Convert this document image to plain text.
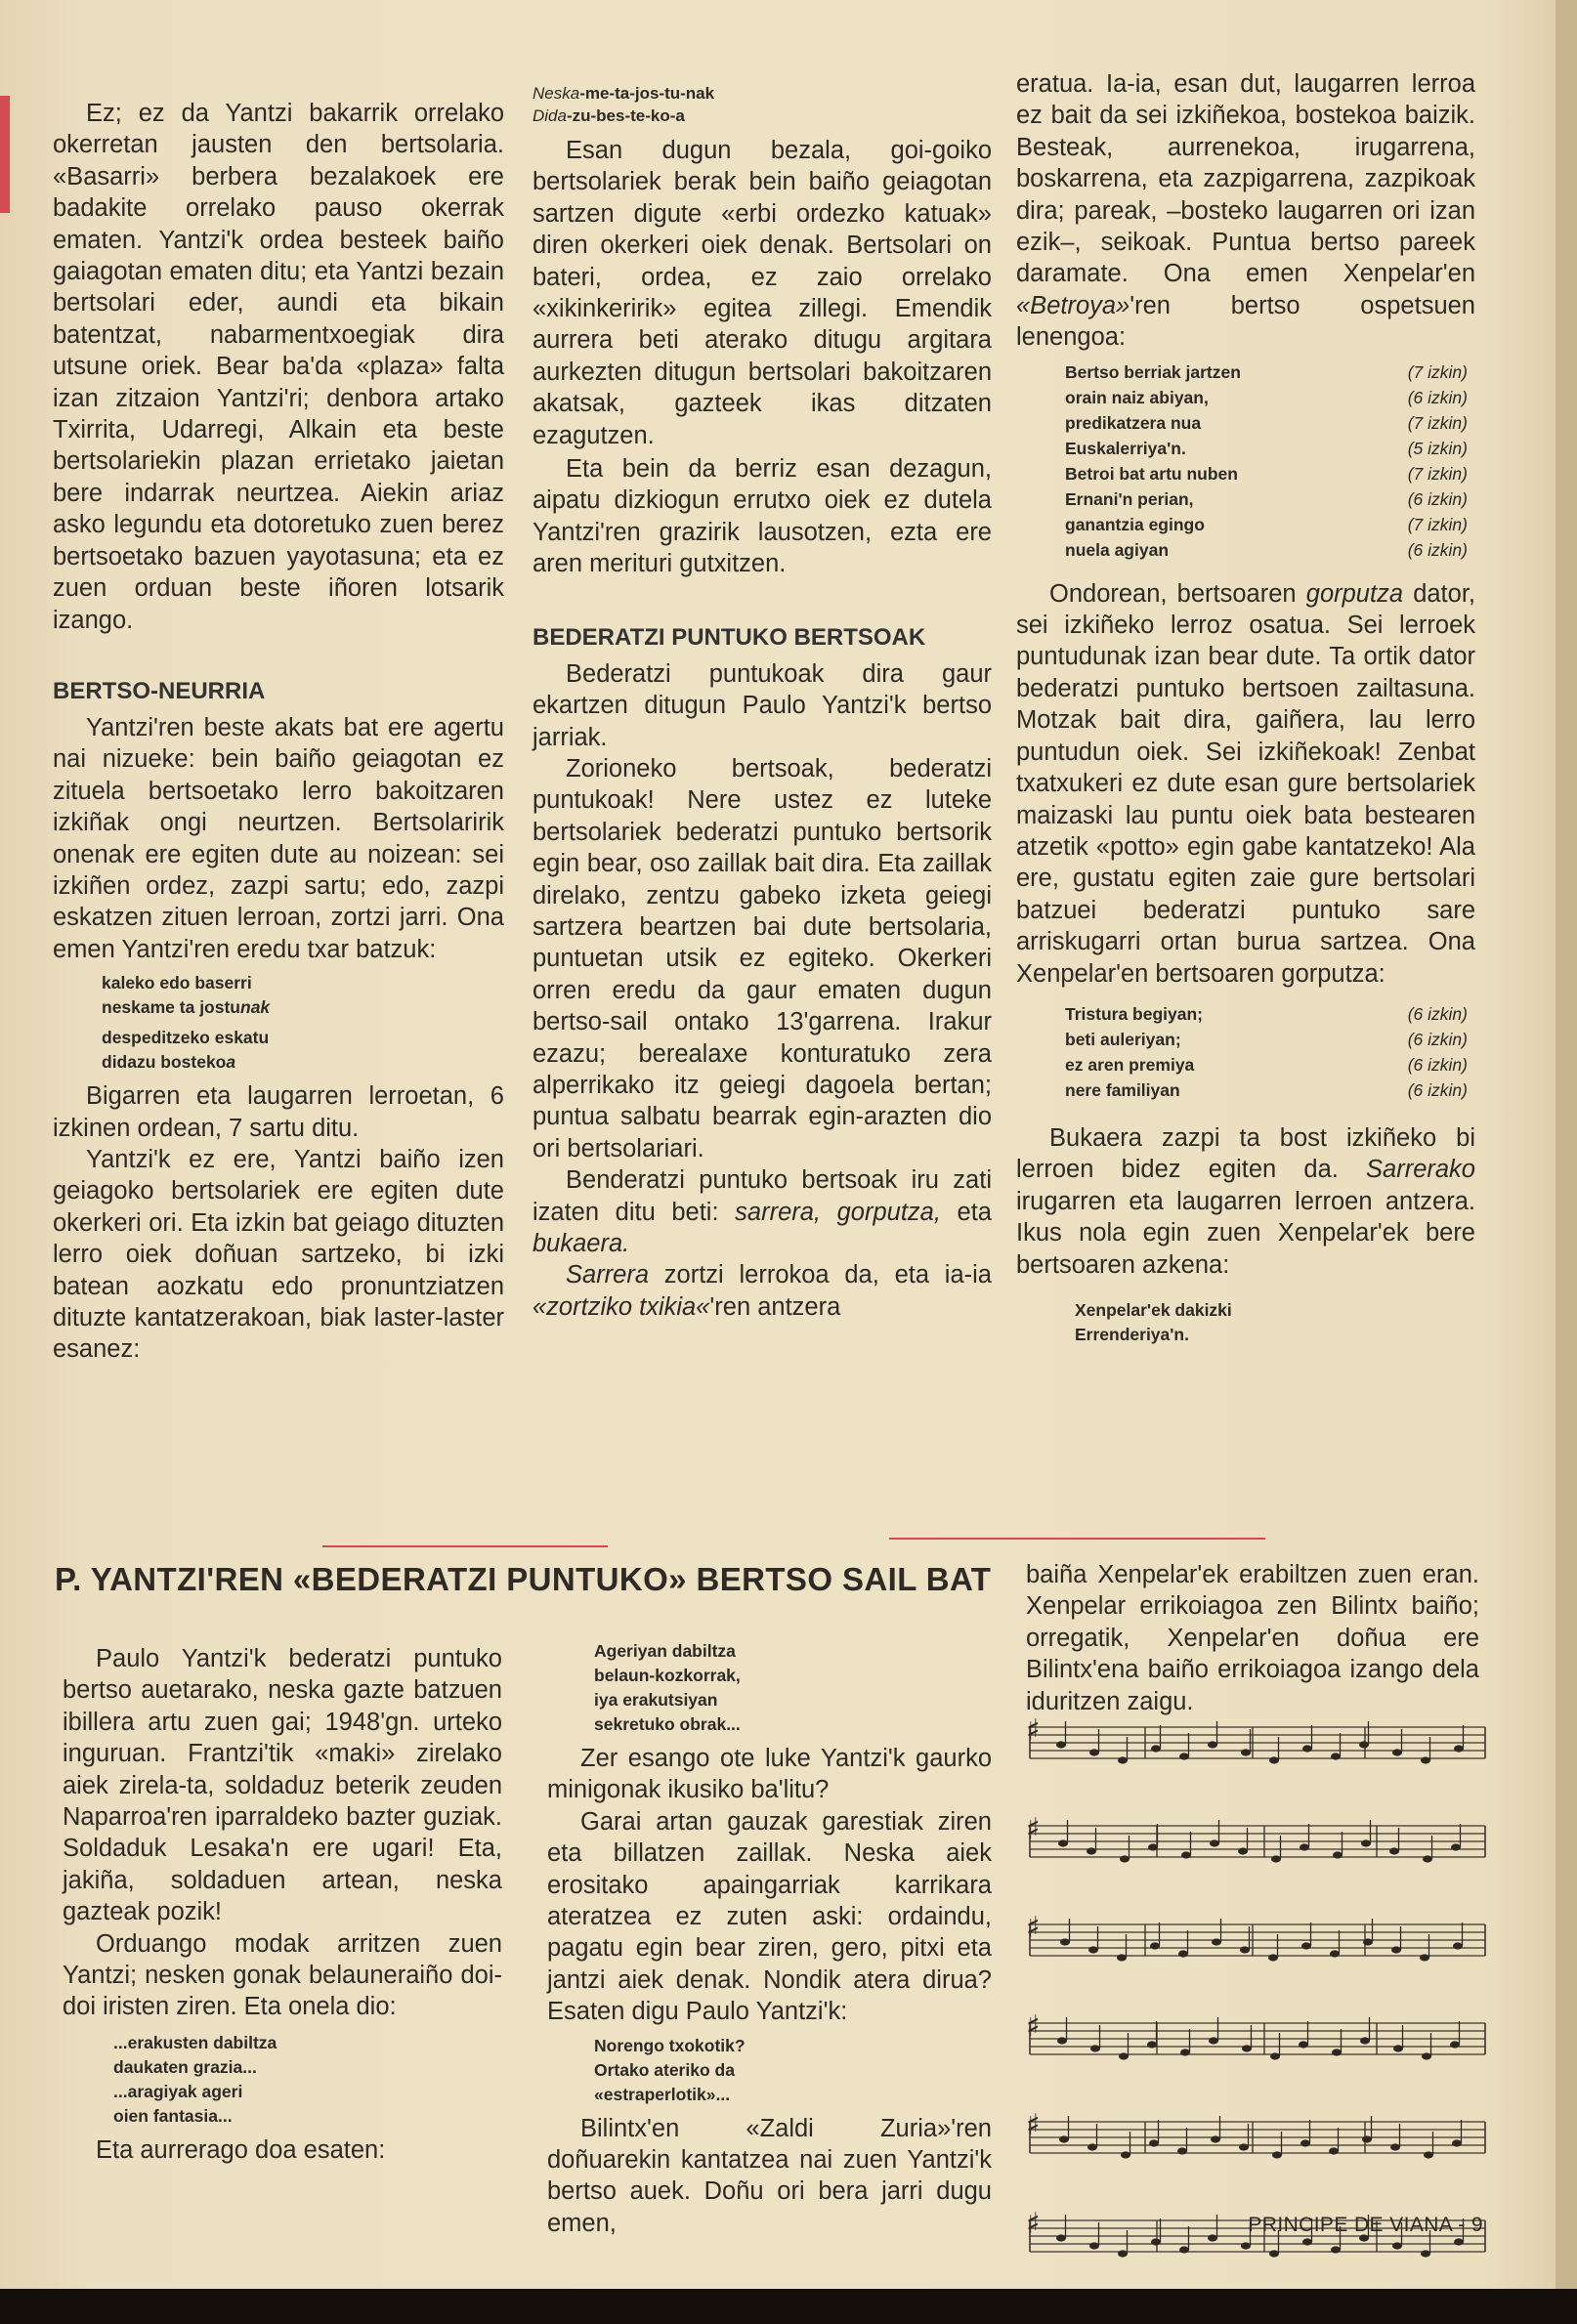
Ez; ez da Yantzi bakarrik orrelako okerretan jausten den bertsolaria. «Basarri» berbera bezalakoek ere badakite orrelako pauso okerrak ematen. Yantzi'k ordea besteek baiño gaiagotan ematen ditu; eta Yantzi bezain bertsolari eder, aundi eta bikain batentzat, nabarmentxoegiak dira utsune oriek. Bear ba'da «plaza» falta izan zitzaion Yantzi'ri; denbora artako Txirrita, Udarregi, Alkain eta beste bertsolariekin plazan errietako jaietan bere indarrak neurtzea. Aiekin ariaz asko legundu eta dotoretuko zuen berez bertsoetako bazuen yayotasuna; eta ez zuen orduan beste iñoren lotsarik izango.

BERTSO-NEURRIA

Yantzi'ren beste akats bat ere agertu nai nizueke: bein baiño geiagotan ez zituela bertsoetako lerro bakoitzaren izkiñak ongi neurtzen. Bertsolaririk onenak ere egiten dute au noizean: sei izkiñen ordez, zazpi sartu; edo, zazpi eskatzen zituen lerroan, zortzi jarri. Ona emen Yantzi'ren eredu txar batzuk:

kaleko edo baserri
neskame ta jostunak
despeditzeko eskatu
didazu bostekoa

Bigarren eta laugarren lerroetan, 6 izkinen ordean, 7 sartu ditu.

Yantzi'k ez ere, Yantzi baiño izen geiagoko bertsolariek ere egiten dute okerkeri ori. Eta izkin bat geiago dituzten lerro oiek doñuan sartzeko, bi izki batean aozkatu edo pronuntziatzen dituzte kantatzerakoan, biak laster-laster esanez:

Neska-me-ta-jos-tu-nak
Dida-zu-bes-te-ko-a

Esan dugun bezala, goi-goiko bertsolariek berak bein baiño geiagotan sartzen digute «erbi ordezko katuak» diren okerkeri oiek denak. Bertsolari on bateri, ordea, ez zaio orrelako «xikinkeririk» egitea zillegi. Emendik aurrera beti aterako ditugu argitara aurkezten ditugun bertsolari bakoitzaren akatsak, gazteek ikas ditzaten ezagutzen.

Eta bein da berriz esan dezagun, aipatu dizkiogun errutxo oiek ez dutela Yantzi'ren grazirik lausotzen, ezta ere aren merituri gutxitzen.

BEDERATZI PUNTUKO BERTSOAK

Bederatzi puntukoak dira gaur ekartzen ditugun Paulo Yantzi'k bertso jarriak.

Zorioneko bertsoak, bederatzi puntukoak! Nere ustez ez luteke bertsolariek bederatzi puntuko bertsorik egin bear, oso zaillak bait dira. Eta zaillak direlako, zentzu gabeko izketa geiegi sartzera beartzen bai dute bertsolaria, puntuetan utsik ez egiteko. Okerkeri orren eredu da gaur ematen dugun bertso-sail ontako 13'garrena. Irakur ezazu; berealaxe konturatuko zera alperrikako itz geiegi dagoela bertan; puntua salbatu bearrak egin-arazten dio ori bertsolariari.

Benderatzi puntuko bertsoak iru zati izaten ditu beti: sarrera, gorputza, eta bukaera.

Sarrera zortzi lerrokoa da, eta ia-ia «zortziko txikia«'ren antzera

eratua. Ia-ia, esan dut, laugarren lerroa ez bait da sei izkiñekoa, bostekoa baizik. Besteak, aurrenekoa, irugarrena, boskarrena, eta zazpigarrena, zazpikoak dira; pareak, –bosteko laugarren ori izan ezik–, seikoak. Puntua bertso pareek daramate. Ona emen Xenpelar'en «Betroya»'ren bertso ospetsuen lenengoa:

Bertso berriak jartzen	(7 izkin)
orain naiz abiyan,	(6 izkin)
predikatzera nua	(7 izkin)
Euskalerriya'n.	(5 izkin)
Betroi bat artu nuben	(7 izkin)
Ernani'n perian,	(6 izkin)
ganantzia egingo	(7 izkin)
nuela agiyan	(6 izkin)

Ondorean, bertsoaren gorputza dator, sei izkiñeko lerroz osatua. Sei lerroek puntudunak izan bear dute. Ta ortik dator bederatzi puntuko bertsoen zailtasuna. Motzak bait dira, gaiñera, lau lerro puntudun oiek. Sei izkiñekoak! Zenbat txatxukeri ez dute esan gure bertsolariek maizaski lau puntu oiek bata bestearen atzetik «potto» egin gabe kantatzeko! Ala ere, gustatu egiten zaie gure bertsolari batzuei bederatzi puntuko sare arriskugarri ortan burua sartzea. Ona Xenpelar'en bertsoaren gorputza:

Tristura begiyan;	(6 izkin)
beti auleriyan;	(6 izkin)
ez aren premiya	(6 izkin)
nere familiyan	(6 izkin)

Bukaera zazpi ta bost izkiñeko bi lerroen bidez egiten da. Sarrerako irugarren eta laugarren lerroen antzera. Ikus nola egin zuen Xenpelar'ek bere bertsoaren azkena:

Xenpelar'ek dakizki
Errenderiya'n.
P. YANTZI'REN «BEDERATZI PUNTUKO» BERTSO SAIL BAT

Paulo Yantzi'k bederatzi puntuko bertso auetarako, neska gazte batzuen ibillera artu zuen gai; 1948'gn. urteko inguruan. Frantzi'tik «maki» zirelako aiek zirela-ta, soldaduz beterik zeuden Naparroa'ren iparraldeko bazter guziak. Soldaduk Lesaka'n ere ugari! Eta, jakiña, soldaduen artean, neska gazteak pozik!

Orduango modak arritzen zuen Yantzi; nesken gonak belauneraiño doi-doi iristen ziren. Eta onela dio:

...erakusten dabiltza
daukaten grazia...
...aragiyak ageri
oien fantasia...

Eta aurrerago doa esaten:

Ageriyan dabiltza
belaun-kozkorrak,
iya erakutsiyan
sekretuko obrak...

Zer esango ote luke Yantzi'k gaurko minigonak ikusiko ba'litu?

Garai artan gauzak garestiak ziren eta billatzen zaillak. Neska aiek erositako apaingarriak karrikara ateratzea ez zuten aski: ordaindu, pagatu egin bear ziren, gero, pitxi eta jantzi aiek denak. Nondik atera dirua? Esaten digu Paulo Yantzi'k:

Norengo txokotik?
Ortako ateriko da
«estraperlotik»...

Bilintx'en «Zaldi Zuria»'ren doñuarekin kantatzea nai zuen Yantzi'k bertso auek. Doñu ori bera jarri dugu emen,

baiña Xenpelar'ek erabiltzen zuen eran. Xenpelar errikoiagoa zen Bilintx baiño; orregatik, Xenpelar'en doñua ere Bilintx'ena baiño errikoiagoa izango dela iduritzen zaigu.

♯
♯
♯
♯
♯
♯	PRINCIPE DE VIANA - 9
